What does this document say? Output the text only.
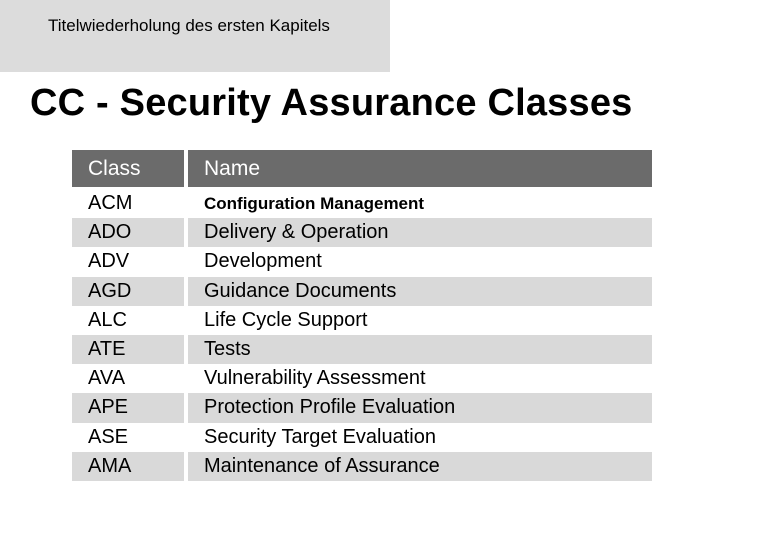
Titelwiederholung des ersten Kapitels
CC - Security Assurance Classes
Class	Name
ACM	Configuration Management
ADO	Delivery & Operation
ADV	Development
AGD	Guidance Documents
ALC	Life Cycle Support
ATE	Tests
AVA	Vulnerability Assessment
APE	Protection Profile Evaluation
ASE	Security Target Evaluation
AMA	Maintenance of Assurance
